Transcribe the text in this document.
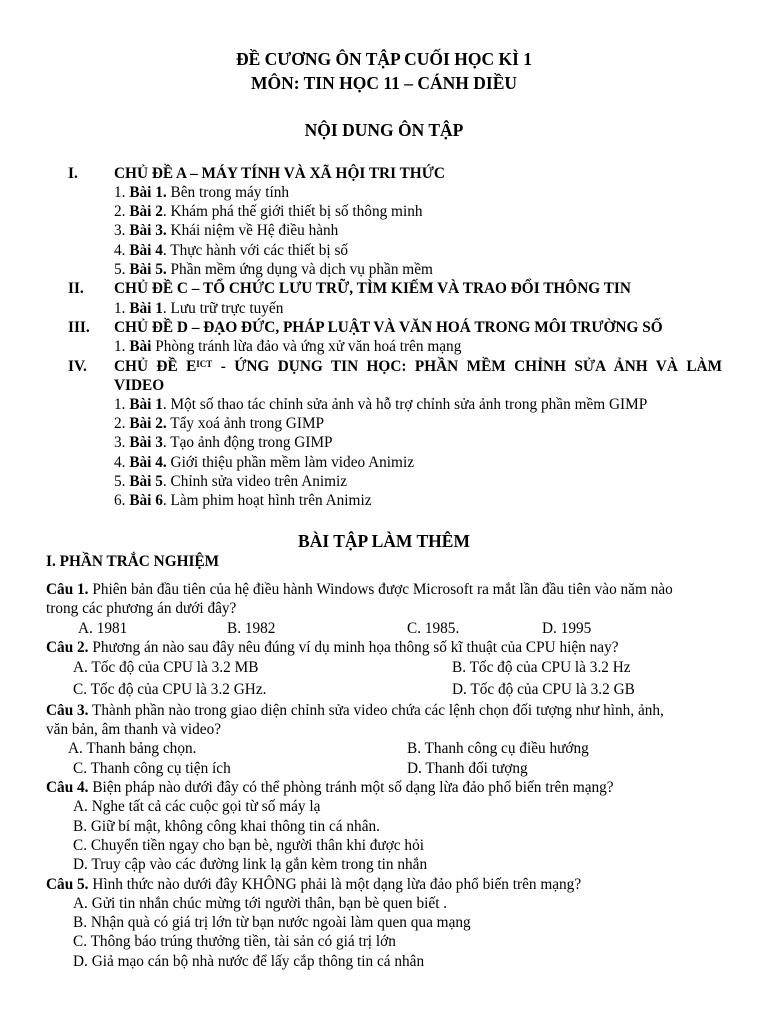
ĐỀ CƯƠNG ÔN TẬP CUỐI HỌC KÌ 1
MÔN: TIN HỌC 11 – CÁNH DIỀU
NỘI DUNG ÔN TẬP
I. CHỦ ĐỀ A – MÁY TÍNH VÀ XÃ HỘI TRI THỨC
1. Bài 1. Bên trong máy tính
2. Bài 2. Khám phá thế giới thiết bị số thông minh
3. Bài 3. Khái niệm về Hệ điều hành
4. Bài 4. Thực hành với các thiết bị số
5. Bài 5. Phần mềm ứng dụng và dịch vụ phần mềm
II. CHỦ ĐỀ C – TỔ CHỨC LƯU TRỮ, TÌM KIẾM VÀ TRAO ĐỔI THÔNG TIN
1. Bài 1. Lưu trữ trực tuyến
III. CHỦ ĐỀ D – ĐẠO ĐỨC, PHÁP LUẬT VÀ VĂN HOÁ TRONG MÔI TRƯỜNG SỐ
1. Bài Phòng tránh lừa đảo và ứng xử văn hoá trên mạng
IV. CHỦ ĐỀ $E^{ICT}$ - ỨNG DỤNG TIN HỌC: PHẦN MỀM CHỈNH SỬA ẢNH VÀ LÀM
VIDEO
1. Bài 1. Một số thao tác chỉnh sửa ảnh và hỗ trợ chỉnh sửa ảnh trong phần mềm GIMP
2. Bài 2. Tẩy xoá ảnh trong GIMP
3. Bài 3. Tạo ảnh động trong GIMP
4. Bài 4. Giới thiệu phần mềm làm video Animiz
5. Bài 5. Chỉnh sửa video trên Animiz
6. Bài 6. Làm phim hoạt hình trên Animiz
BÀI TẬP LÀM THÊM
I. PHẦN TRẮC NGHIỆM
Câu 1. Phiên bản đầu tiên của hệ điều hành Windows được Microsoft ra mắt lần đầu tiên vào năm nào
trong các phương án dưới đây?
A. 1981	B. 1982	C. 1985.	D. 1995
Câu 2. Phương án nào sau đây nêu đúng ví dụ minh họa thông số kĩ thuật của CPU hiện nay?
A. Tốc độ của CPU là 3.2 MB	B. Tốc độ của CPU là 3.2 Hz
C. Tốc độ của CPU là 3.2 GHz.	D. Tốc độ của CPU là 3.2 GB
Câu 3. Thành phần nào trong giao diện chỉnh sửa video chứa các lệnh chọn đối tượng như hình, ảnh,
văn bản, âm thanh và video?
A. Thanh bảng chọn.	B. Thanh công cụ điều hướng
C. Thanh công cụ tiện ích	D. Thanh đối tượng
Câu 4. Biện pháp nào dưới đây có thể phòng tránh một số dạng lừa đảo phổ biến trên mạng?
A. Nghe tất cả các cuộc gọi từ số máy lạ
B. Giữ bí mật, không công khai thông tin cá nhân.
C. Chuyển tiền ngay cho bạn bè, người thân khi được hỏi
D. Truy cập vào các đường link lạ gắn kèm trong tin nhắn
Câu 5. Hình thức nào dưới đây KHÔNG phải là một dạng lừa đảo phổ biến trên mạng?
A. Gửi tin nhắn chúc mừng tới người thân, bạn bè quen biết .
B. Nhận quà có giá trị lớn từ bạn nước ngoài làm quen qua mạng
C. Thông báo trúng thưởng tiền, tài sản có giá trị lớn
D. Giả mạo cán bộ nhà nước để lấy cắp thông tin cá nhân
